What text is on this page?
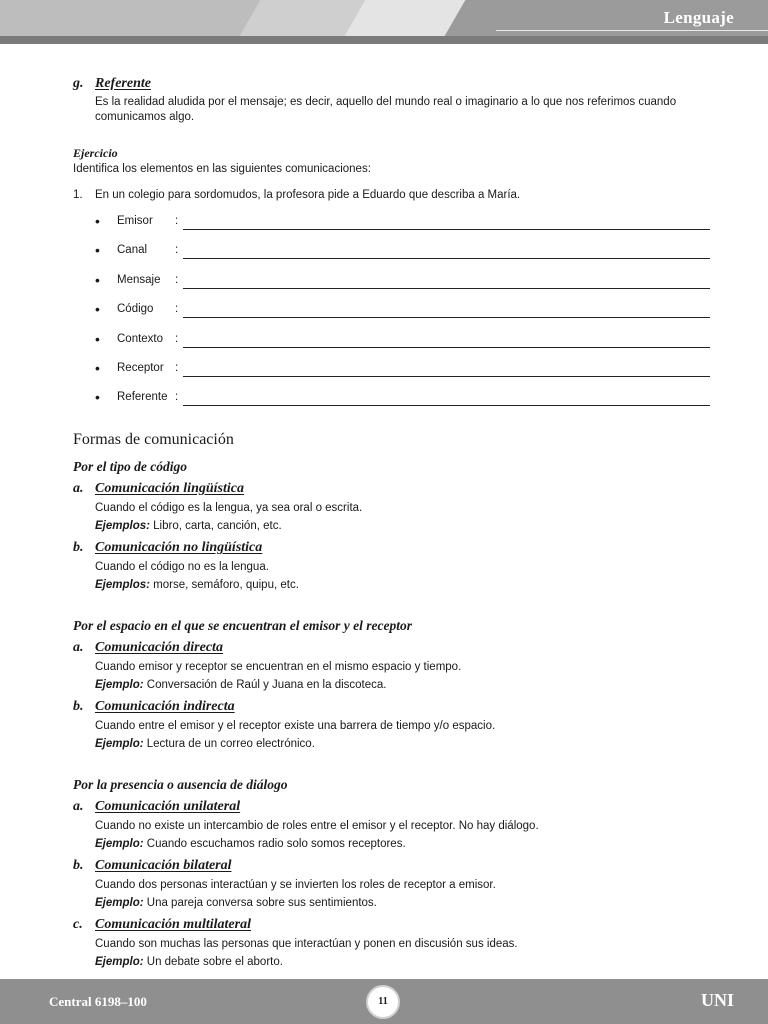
Lenguaje
g. Referente
Es la realidad aludida por el mensaje; es decir, aquello del mundo real o imaginario a lo que nos referimos cuando comunicamos algo.
Ejercicio
Identifica los elementos en las siguientes comunicaciones:
1. En un colegio para sordomudos, la profesora pide a Eduardo que describa a María.
• Emisor :
• Canal :
• Mensaje :
• Código :
• Contexto :
• Receptor :
• Referente :
Formas de comunicación
Por el tipo de código
a. Comunicación lingüística
Cuando el código es la lengua, ya sea oral o escrita.
Ejemplos: Libro, carta, canción, etc.
b. Comunicación no lingüística
Cuando el código no es la lengua.
Ejemplos: morse, semáforo, quipu, etc.
Por el espacio en el que se encuentran el emisor y el receptor
a. Comunicación directa
Cuando emisor y receptor se encuentran en el mismo espacio y tiempo.
Ejemplo: Conversación de Raúl y Juana en la discoteca.
b. Comunicación indirecta
Cuando entre el emisor y el receptor existe una barrera de tiempo y/o espacio.
Ejemplo: Lectura de un correo electrónico.
Por la presencia o ausencia de diálogo
a. Comunicación unilateral
Cuando no existe un intercambio de roles entre el emisor y el receptor. No hay diálogo.
Ejemplo: Cuando escuchamos radio solo somos receptores.
b. Comunicación bilateral
Cuando dos personas interactúan y se invierten los roles de receptor a emisor.
Ejemplo: Una pareja conversa sobre sus sentimientos.
c. Comunicación multilateral
Cuando son muchas las personas que interactúan y ponen en discusión sus ideas.
Ejemplo: Un debate sobre el aborto.
Central 6198–100	UNI
11
